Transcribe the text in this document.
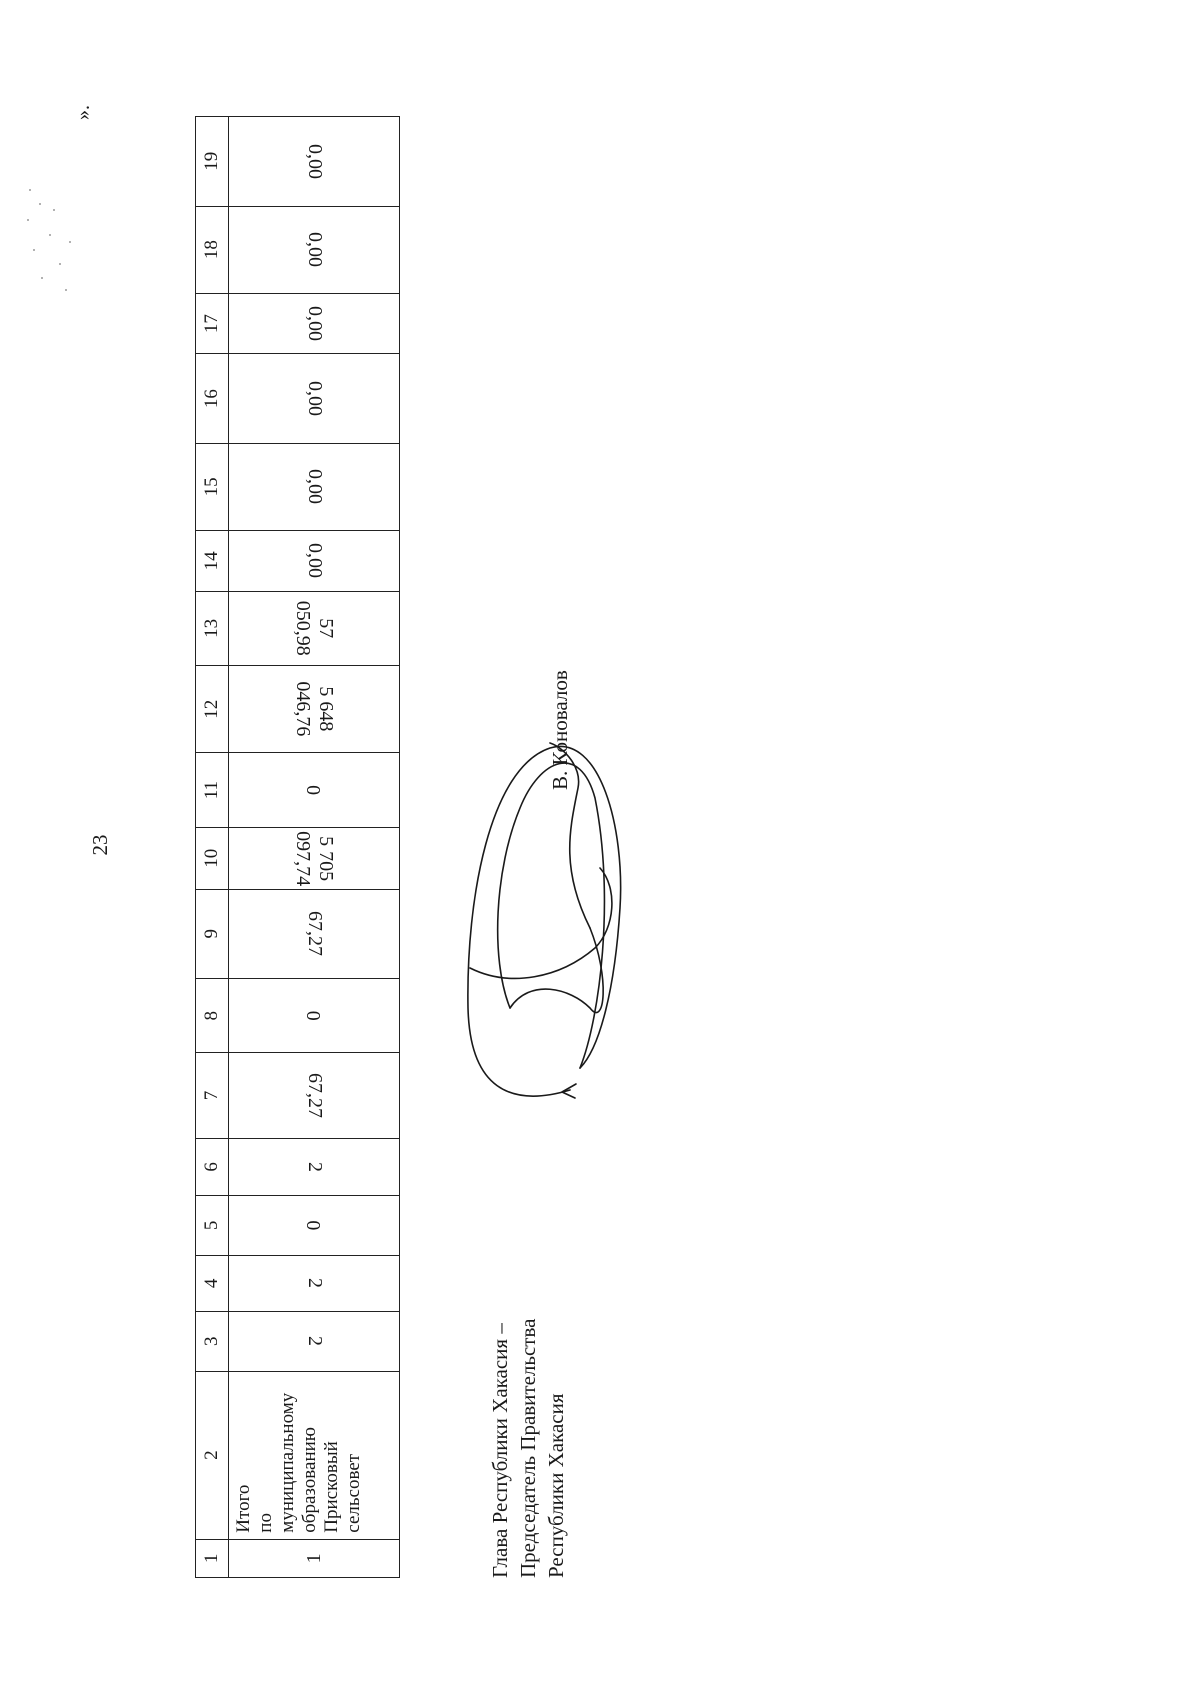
23
1	2	3	4	5	6	7	8	9	10	11	12	13	14	15	16	17	18	19
1	Итого
по муниципальному
образованию
Присковый
сельсовет	2	2	0	2	67,27	0	67,27	5 705 097,74	0	5 648 046,76	57 050,98	0,00	0,00	0,00	0,00	0,00	0,00
».
Глава Республики Хакасия – Председатель Правительства Республики Хакасия
В. Коновалов
